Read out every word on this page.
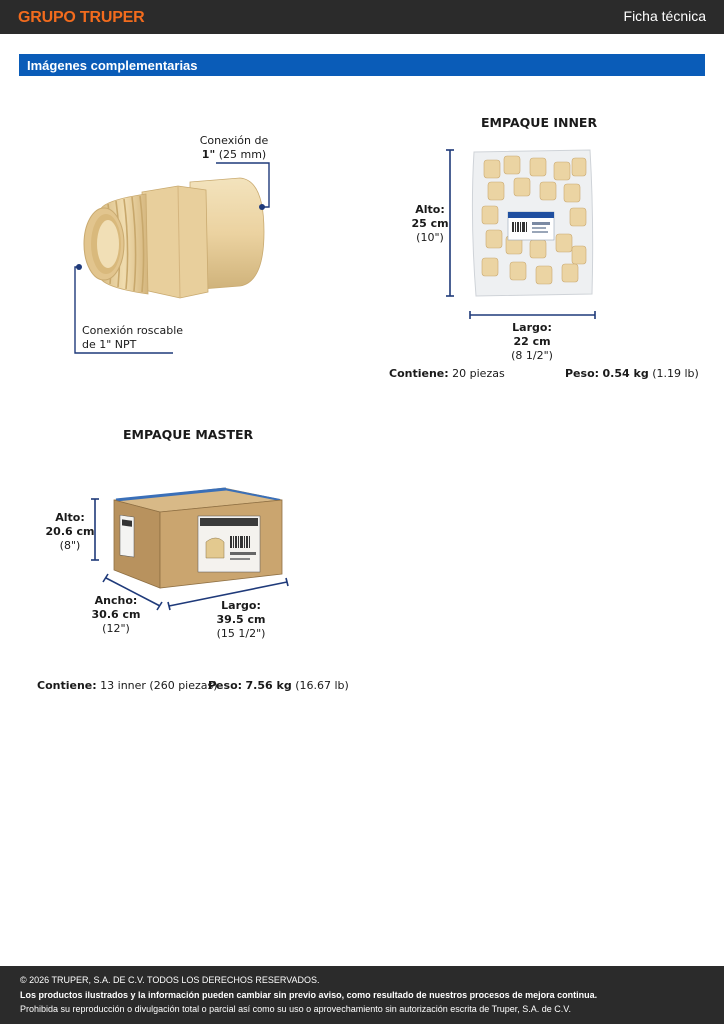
GRUPO TRUPER	Ficha técnica
Imágenes complementarias
Conexión de
1" (25 mm)
Conexión roscable
de 1" NPT
EMPAQUE INNER
Alto:
25 cm
(10")
Largo:
22 cm
(8 1/2")
Contiene: 20 piezas	Peso: 0.54 kg (1.19 lb)
EMPAQUE MASTER
Alto:
20.6 cm
(8")
Ancho:
30.6 cm
(12")
Largo:
39.5 cm
(15 1/2")
Contiene: 13 inner (260 piezas)
Peso: 7.56 kg (16.67 lb)
© 2026 TRUPER, S.A. DE C.V. TODOS LOS DERECHOS RESERVADOS.
Los productos ilustrados y la información pueden cambiar sin previo aviso, como resultado de nuestros procesos de mejora continua.
Prohibida su reproducción o divulgación total o parcial así como su uso o aprovechamiento sin autorización escrita de Truper, S.A. de C.V.
